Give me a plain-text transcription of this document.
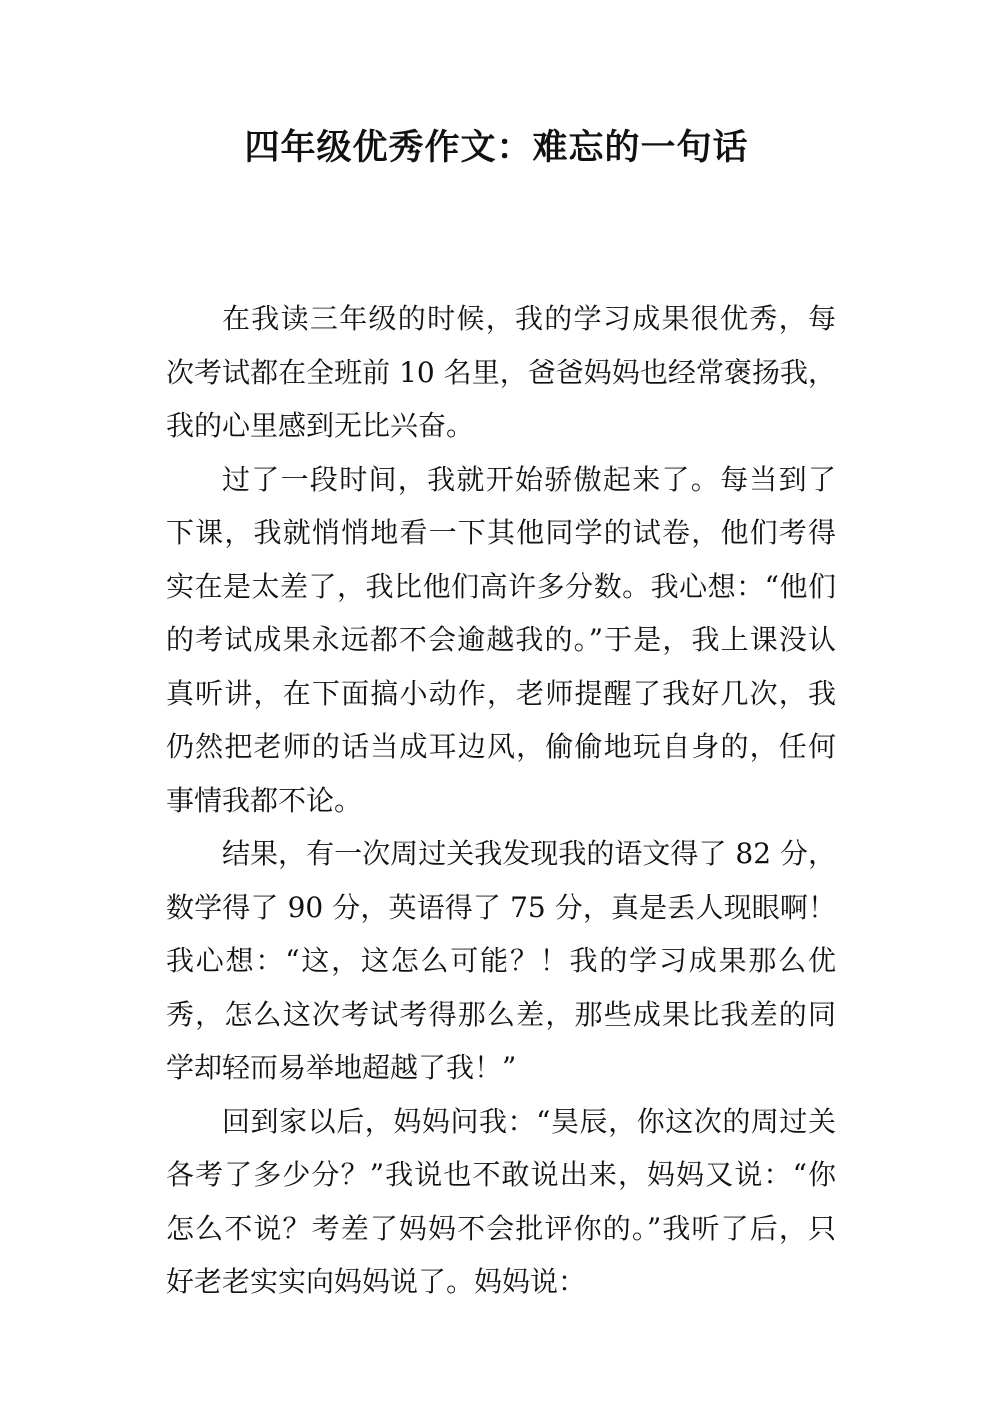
四年级优秀作文：难忘的一句话

在我读三年级的时候，我的学习成果很优秀，每次考试都在全班前 10 名里，爸爸妈妈也经常褒扬我，我的心里感到无比兴奋。

过了一段时间，我就开始骄傲起来了。每当到了下课，我就悄悄地看一下其他同学的试卷，他们考得实在是太差了，我比他们高许多分数。我心想：“他们的考试成果永远都不会逾越我的。”于是，我上课没认真听讲，在下面搞小动作，老师提醒了我好几次，我仍然把老师的话当成耳边风，偷偷地玩自身的，任何事情我都不论。

结果，有一次周过关我发现我的语文得了 82 分，数学得了 90 分，英语得了 75 分，真是丢人现眼啊！我心想：“这，这怎么可能？！我的学习成果那么优秀，怎么这次考试考得那么差，那些成果比我差的同学却轻而易举地超越了我！”

回到家以后，妈妈问我：“昊辰，你这次的周过关各考了多少分？”我说也不敢说出来，妈妈又说：“你怎么不说？考差了妈妈不会批评你的。”我听了后，只好老老实实向妈妈说了。妈妈说：
